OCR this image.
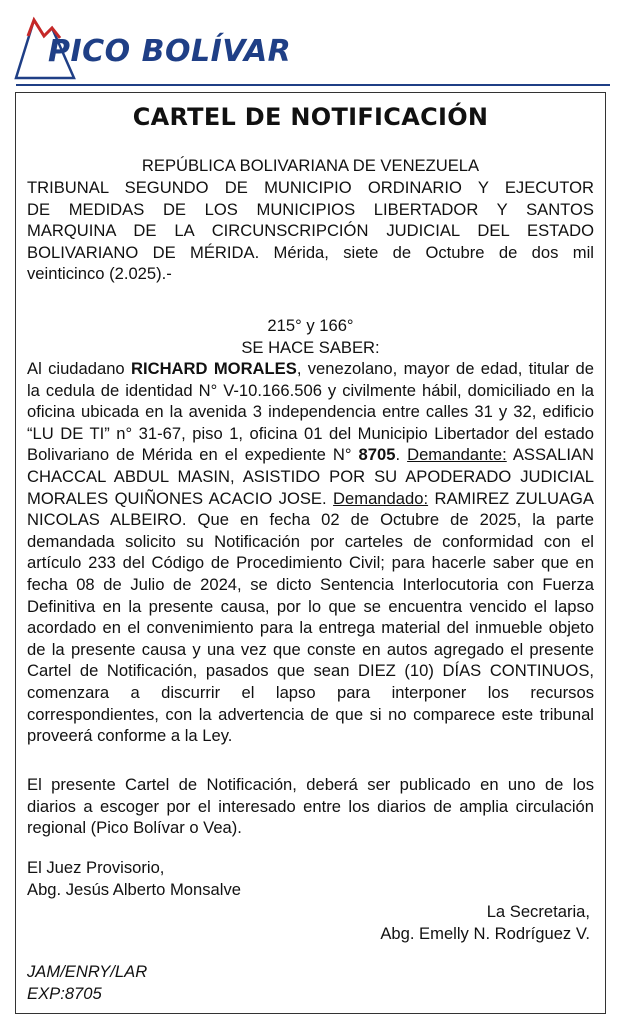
PICO BOLÍVAR
CARTEL DE NOTIFICACIÓN
REPÚBLICA BOLIVARIANA DE VENEZUELA
TRIBUNAL SEGUNDO DE MUNICIPIO ORDINARIO Y EJECUTOR
DE MEDIDAS DE LOS MUNICIPIOS LIBERTADOR Y SANTOS
MARQUINA DE LA CIRCUNSCRIPCIÓN JUDICIAL DEL ESTADO
BOLIVARIANO DE MÉRIDA. Mérida, siete de Octubre de dos mil
veinticinco (2.025).-
215° y 166°
SE HACE SABER:
Al ciudadano RICHARD MORALES, venezolano, mayor de edad, titular de la cedula de identidad N° V-10.166.506 y civilmente hábil, domiciliado en la oficina ubicada en la avenida 3 independencia entre calles 31 y 32, edificio “LU DE TI” n° 31-67, piso 1, oficina 01 del Municipio Libertador del estado Bolivariano de Mérida en el expediente N° 8705. Demandante: ASSALIAN CHACCAL ABDUL MASIN, ASISTIDO POR SU APODERADO JUDICIAL MORALES QUIÑONES ACACIO JOSE. Demandado: RAMIREZ ZULUAGA NICOLAS ALBEIRO. Que en fecha 02 de Octubre de 2025, la parte demandada solicito su Notificación por carteles de conformidad con el artículo 233 del Código de Procedimiento Civil; para hacerle saber que en fecha 08 de Julio de 2024, se dicto Sentencia Interlocutoria con Fuerza Definitiva en la presente causa, por lo que se encuentra vencido el lapso acordado en el convenimiento para la entrega material del inmueble objeto de la presente causa y una vez que conste en autos agregado el presente Cartel de Notificación, pasados que sean DIEZ (10) DÍAS CONTINUOS, comenzara a discurrir el lapso para interponer los recursos correspondientes, con la advertencia de que si no comparece este tribunal proveerá conforme a la Ley.
El presente Cartel de Notificación, deberá ser publicado en uno de los diarios a escoger por el interesado entre los diarios de amplia circulación regional (Pico Bolívar o Vea).
El Juez Provisorio,
Abg. Jesús Alberto Monsalve
La Secretaria,
Abg. Emelly N. Rodríguez V.
JAM/ENRY/LAR
EXP:8705
